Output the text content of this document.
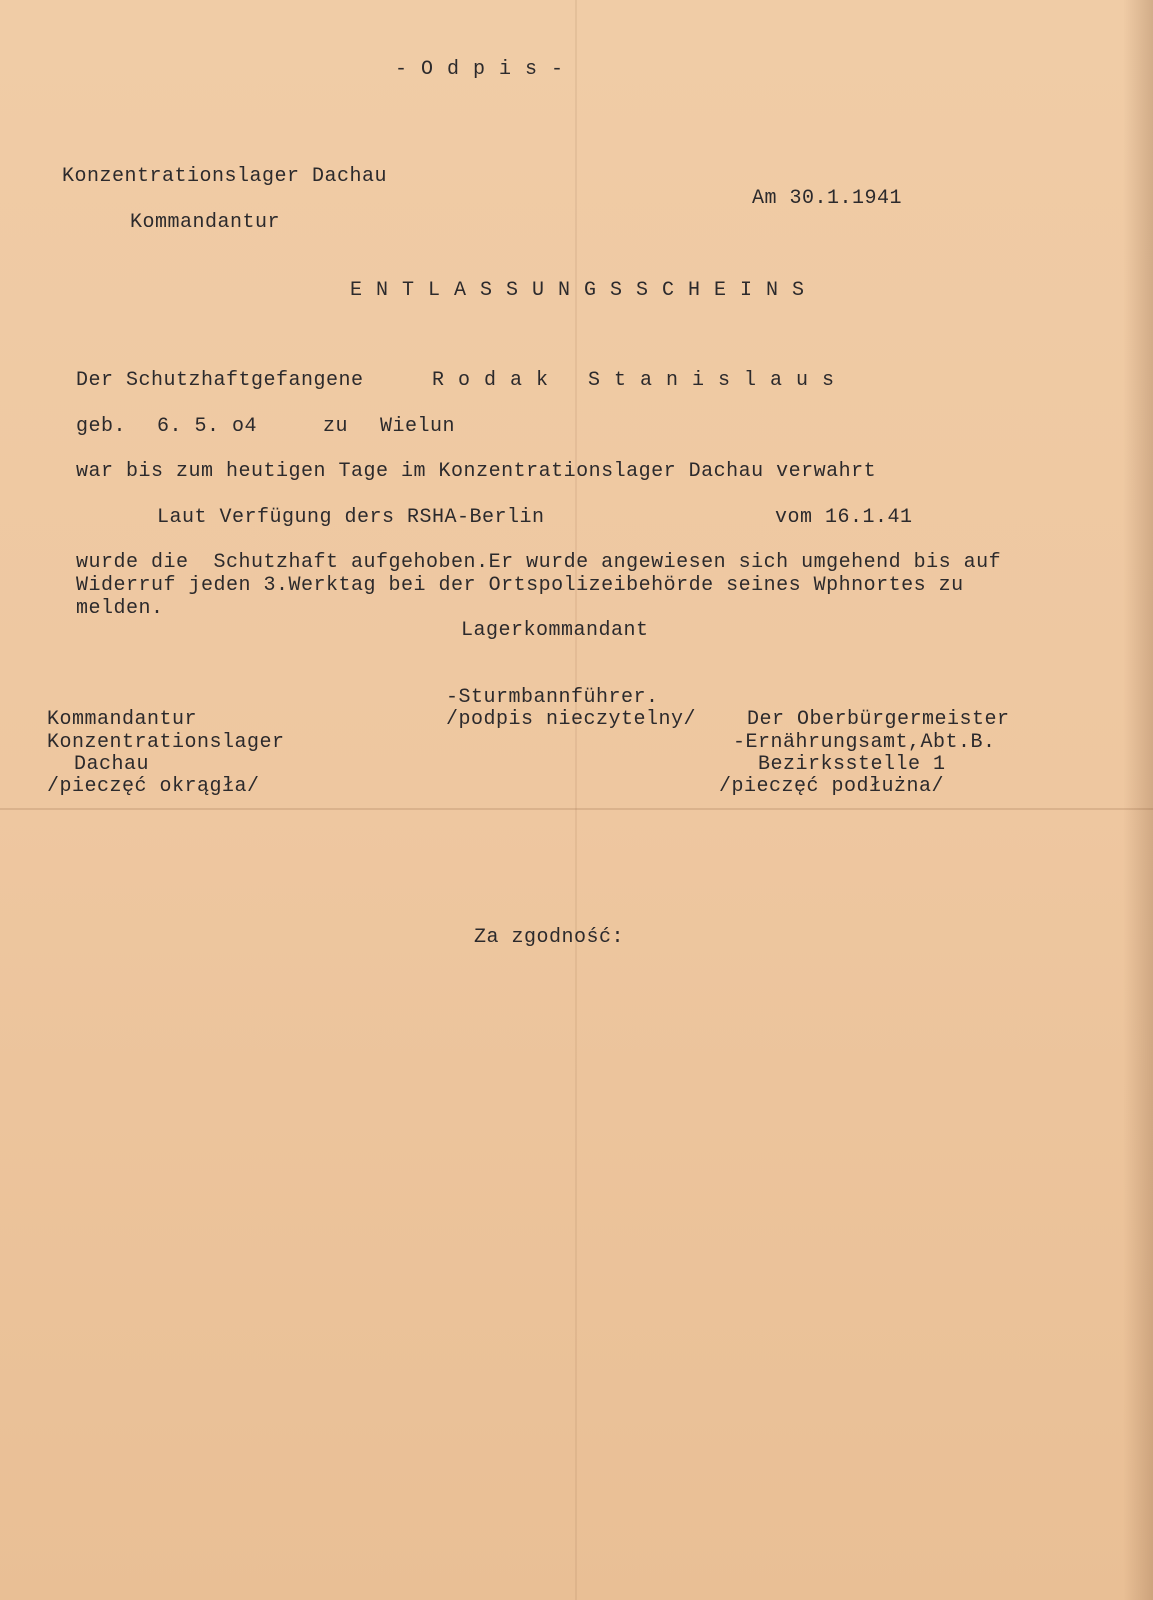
-Odpis-
Konzentrationslager Dachau
Kommandantur
Am 30.1.1941
ENTLASSUNGSSCHEINS
Der Schutzhaftgefangene	Rodak Stanislaus
geb. 6. 5. o4	zu Wielun
war bis zum heutigen Tage im Konzentrationslager Dachau verwahrt
Laut Verfügung ders RSHA-Berlin	vom 16.1.41
wurde die  Schutzhaft aufgehoben.Er wurde angewiesen sich umgehend bis auf
Widerruf jeden 3.Werktag bei der Ortspolizeibehörde seines Wphnortes zu
melden.
Lagerkommandant
-Sturmbannführer.
/podpis nieczytelny/
Kommandantur
Konzentrationslager
Dachau
/pieczęć okrągła/
Der Oberbürgermeister
-Ernährungsamt,Abt.B.
Bezirksstelle 1
/pieczęć podłużna/
Za zgodność:
